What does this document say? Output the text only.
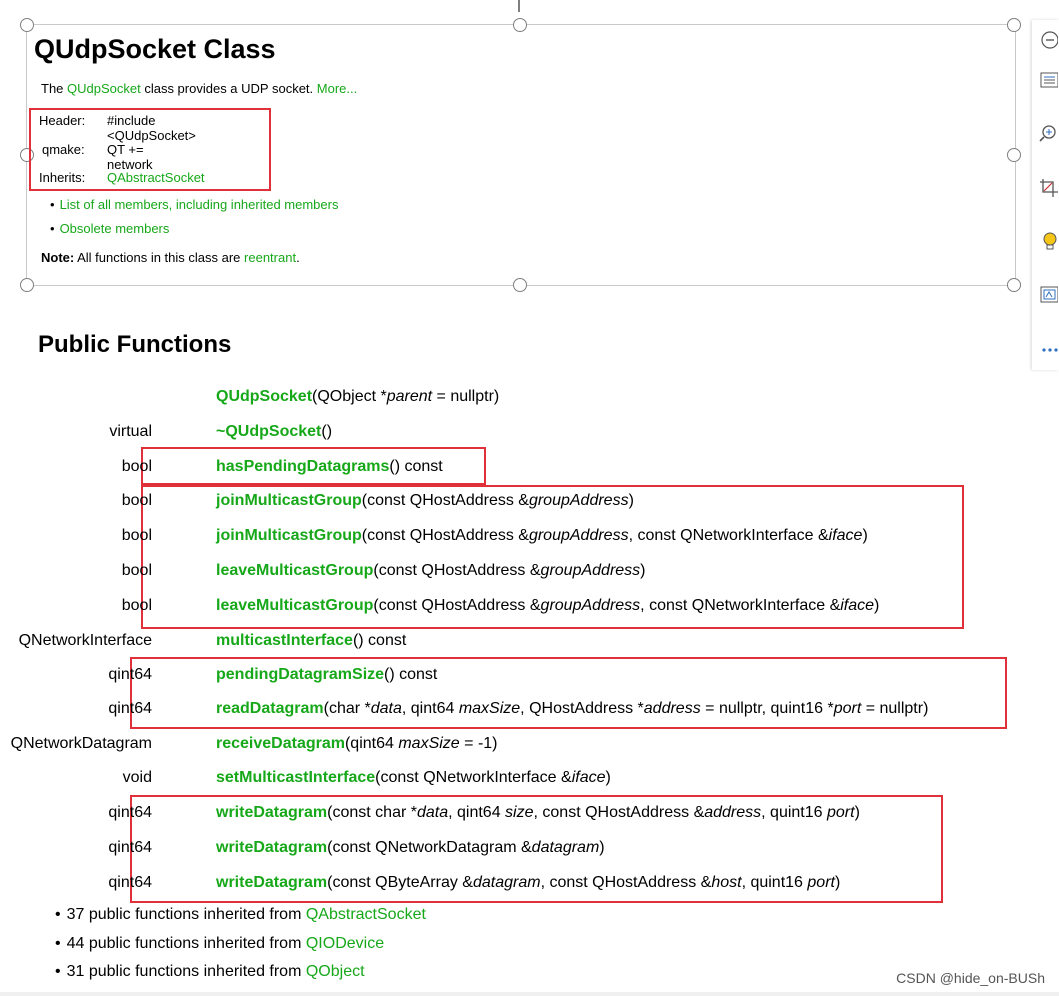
QUdpSocket Class
The QUdpSocket class provides a UDP socket. More...
Header: #include <QUdpSocket>
qmake: QT += network
Inherits: QAbstractSocket
• List of all members, including inherited members
• Obsolete members
Note: All functions in this class are reentrant.
Public Functions
QUdpSocket(QObject *parent = nullptr)
virtual	~QUdpSocket()
bool	hasPendingDatagrams() const
bool	joinMulticastGroup(const QHostAddress &groupAddress)
bool	joinMulticastGroup(const QHostAddress &groupAddress, const QNetworkInterface &iface)
bool	leaveMulticastGroup(const QHostAddress &groupAddress)
bool	leaveMulticastGroup(const QHostAddress &groupAddress, const QNetworkInterface &iface)
QNetworkInterface	multicastInterface() const
qint64	pendingDatagramSize() const
qint64	readDatagram(char *data, qint64 maxSize, QHostAddress *address = nullptr, quint16 *port = nullptr)
QNetworkDatagram	receiveDatagram(qint64 maxSize = -1)
void	setMulticastInterface(const QNetworkInterface &iface)
qint64	writeDatagram(const char *data, qint64 size, const QHostAddress &address, quint16 port)
qint64	writeDatagram(const QNetworkDatagram &datagram)
qint64	writeDatagram(const QByteArray &datagram, const QHostAddress &host, quint16 port)
• 37 public functions inherited from QAbstractSocket
• 44 public functions inherited from QIODevice
• 31 public functions inherited from QObject	CSDN @hide_on-BUSh
